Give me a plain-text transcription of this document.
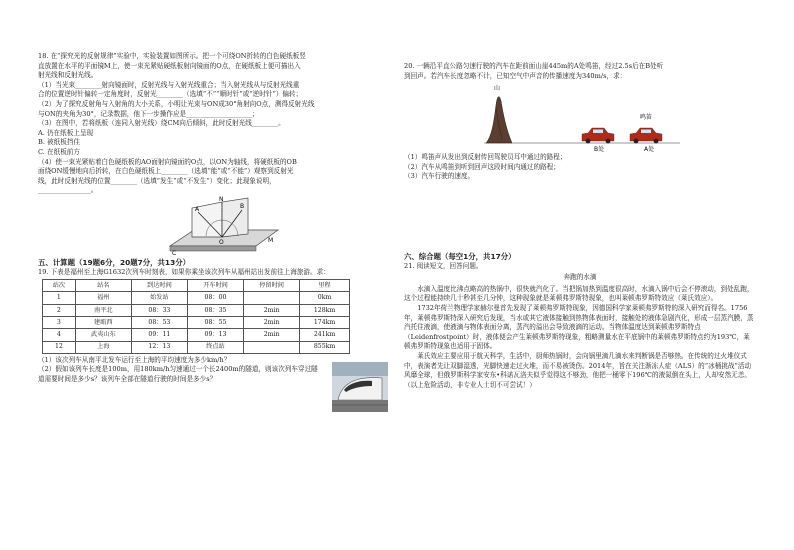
18. 在“探究光的反射规律”实验中，实验装置如图所示。把一个可绕ON折转的白色硬纸板竖

直放置在水平的平面镜M上，使一束光紧贴硬纸板射向镜面的O点，在硬纸板上便可描出入

射光线和反射光线。

（1）当光束________射向镜面时，反射光线与入射光线重合；当入射光线从与反射光线重

合的位置逆时针偏转一定角度时，反射光________（选填“不”“顺时针”或“逆时针”）偏转；

（2）为了探究反射角与入射角的大小关系，小明让光束与ON成30°角射向O点，测得反射光线

与ON的夹角为30°，记录数据，他下一步操作应是____________________；

（3）在图中，若将纸板（连同入射光线）绕CM向后倾斜，此时反射光线________。

A. 仍在纸板上呈现

B. 被纸板挡住

C. 在纸板前方

（4）使一束光紧贴着白色硬纸板的AO面射向镜面的O点，以ON为轴线，将硬纸板的OB

面绕ON缓慢地向后折转，在白色硬纸板上________（选填“能”或“不能”）观察到反射光

线，此时反射光线的位置________（选填“发生”或“不发生”）变化；此现象说明，

________________。

A	B
N
O	M
C

五、计算题（19题6分，20题7分，共13分）

19. 下表是福州至上海G1632次列车时刻表，如果你乘坐该次列车从福州站出发前往上海旅游。求：

站次	站名	到达时间	开车时间	停留时间	里程
1	福州	始发站	08：00		0km
2	南平北	08：33	08：35	2min	128km
3	建瓯西	08：53	08：55	2min	174km
4	武夷山东	09：11	09：13	2min	241km
12	上海	12：13	终点站		855km

（1）该次列车从南平北发车运行至上海的平均速度为多少km/h？

（2）假如该列车长度是100m，用180km/h匀速通过一个长2400m的隧道，则该次列车穿过隧

道需要时间是多少s？该列车全部在隧道行驶的时间是多少s？

20. 一辆沿平直公路匀速行驶的汽车在距前面山崖445m的A处鸣笛，经过2.5s后在B处听

到回声。若汽车长度忽略不计，已知空气中声音的传播速度为340m/s，求：

山
鸣笛
B处	A处

（1）鸣笛声从发出到反射传回驾驶员耳中通过的路程；

（2）汽车从鸣笛到听到回声这段时间内通过的路程；

（3）汽车行驶的速度。

六、综合题（每空1分，共17分）

21. 阅读短文，回答问题。

奔跑的水滴

水滴入温度比沸点略高的热锅中，很快就汽化了。当把锅加热到温度很高时，水滴入锅中后会不停滚动，到处乱跑，这个过程能持续几十秒甚至几分钟，这种现象就是莱顿弗罗斯特现象，也叫莱顿弗罗斯特效应（莱氏效应）。

1732年荷兰物理学家赫尔曼首先发现了莱顿弗罗斯特现象，因德国科学家莱顿弗罗斯特的深入研究而得名。1756年，莱顿弗罗斯特深入研究后发现，当水或其它液体接触到热物体表面时，接触处的液体急剧汽化，形成一层蒸汽膜，蒸汽托住液滴，使液滴与物体表面分离，蒸汽的溢出会导致液滴的运动。当物体温度达到莱顿弗罗斯特点（Leidenfrostpoint）时，液体便会产生莱顿弗罗斯特现象，粗略测量水在平底锅中的莱顿弗罗斯特点约为193℃，莱顿弗罗斯特现象也适用于固体。

莱氏效应主要应用于航天科学，生活中，厨师热锅时，会向锅里滴几滴水来判断锅是否够热。在传统的过火堆仪式中，表演者先让双脚湿透，光脚快速走过火堆，而不易被烫伤。2014年，旨在关注渐冻人症（ALS）的“冰桶挑战”活动风靡全球，但俄罗斯科学家安东•科诺瓦洛夫似乎觉得这不够劲，他把一桶零下196℃的液氮倒在头上，人却安然无恙。（以上危险活动，非专业人士切不可尝试！）
